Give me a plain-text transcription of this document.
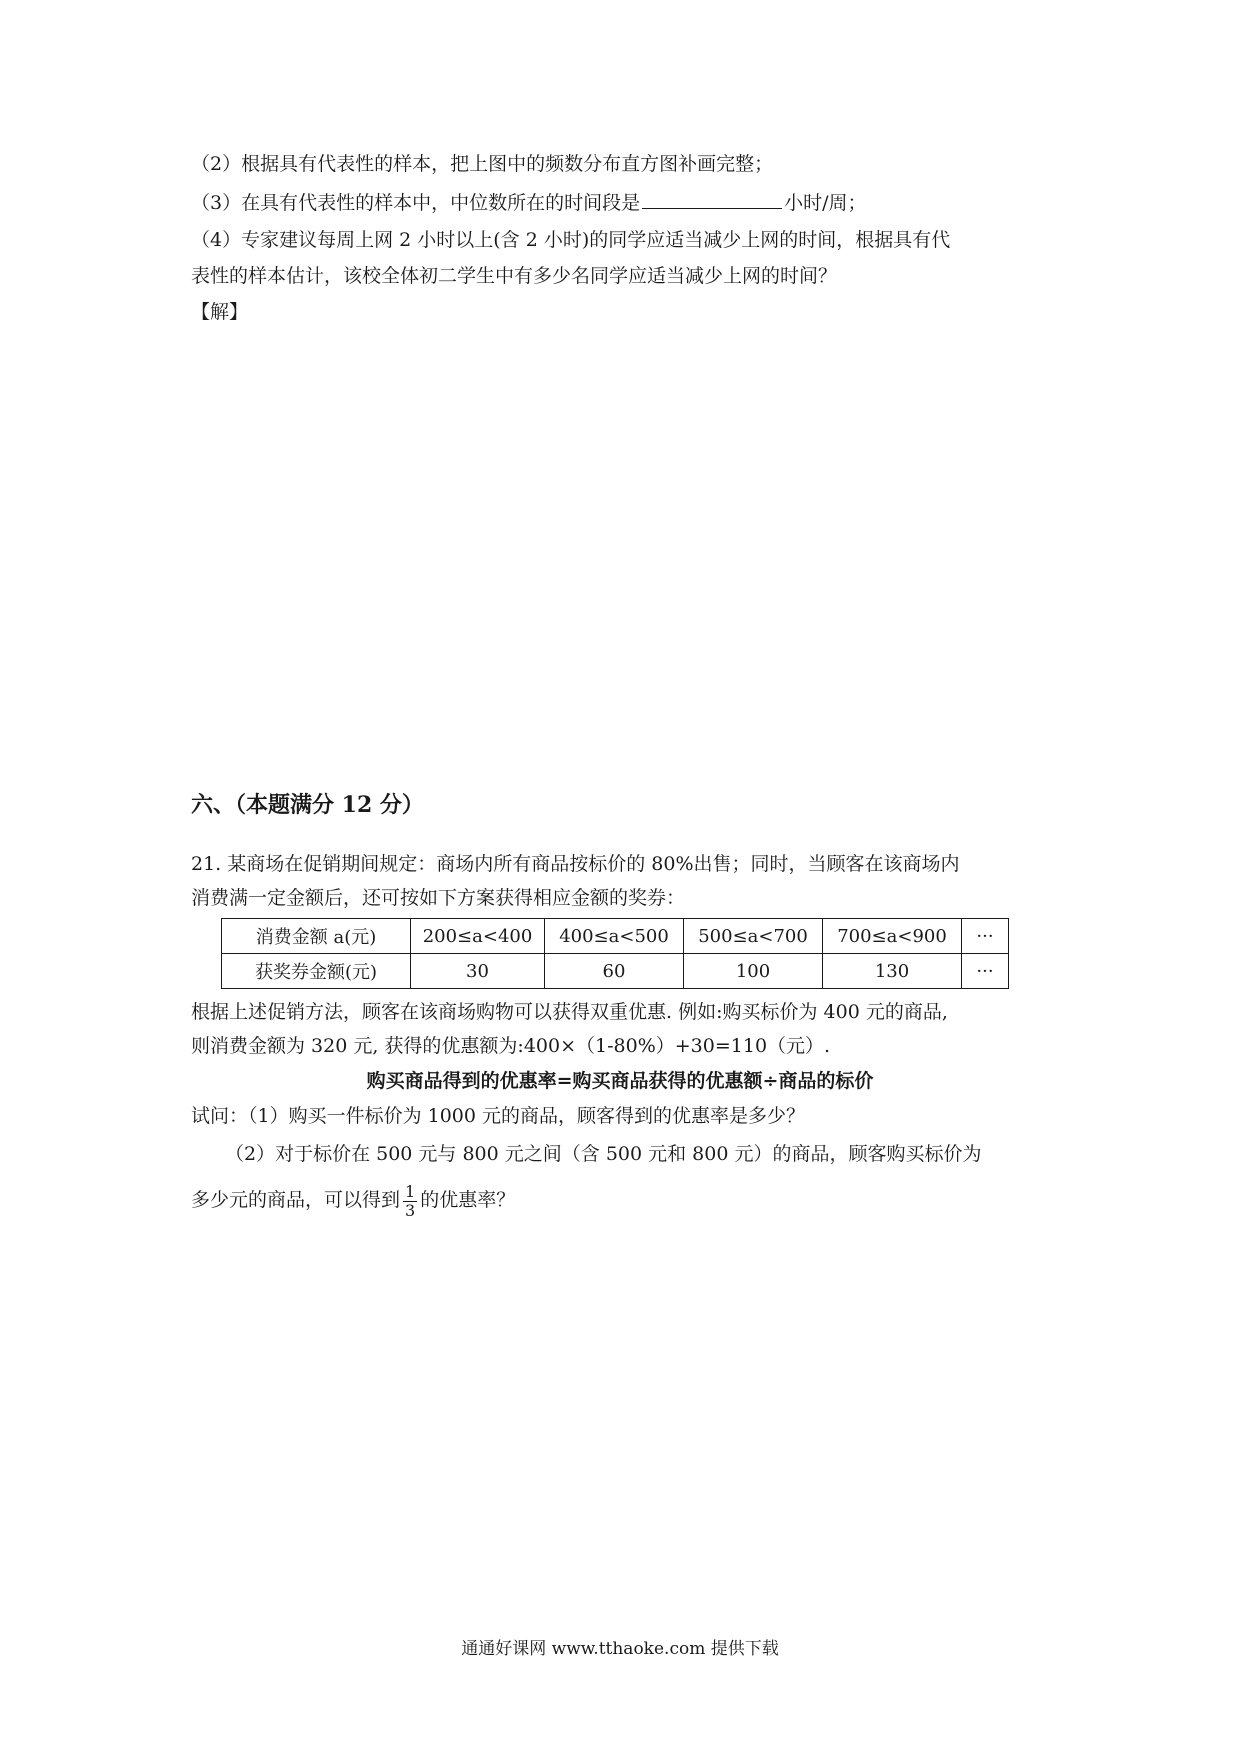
（2）根据具有代表性的样本，把上图中的频数分布直方图补画完整；
（3）在具有代表性的样本中，中位数所在的时间段是	小时/周；
（4）专家建议每周上网 2 小时以上(含 2 小时)的同学应适当减少上网的时间，根据具有代
表性的样本估计，该校全体初二学生中有多少名同学应适当减少上网的时间？
【解】
六、（本题满分 12 分）
21. 某商场在促销期间规定：商场内所有商品按标价的 80%出售；同时，当顾客在该商场内
消费满一定金额后，还可按如下方案获得相应金额的奖券：
消费金额 a(元)	200≤a<400	400≤a<500	500≤a<700	700≤a<900	···
获奖券金额(元)	30	60	100	130	···
根据上述促销方法，顾客在该商场购物可以获得双重优惠. 例如:购买标价为 400 元的商品,
则消费金额为 320 元, 获得的优惠额为:400×（1-80%）+30=110（元）.
购买商品得到的优惠率=购买商品获得的优惠额÷商品的标价
试问：（1）购买一件标价为 1000 元的商品，顾客得到的优惠率是多少？
（2）对于标价在 500 元与 800 元之间（含 500 元和 800 元）的商品，顾客购买标价为
多少元的商品，可以得到 $\frac{1}{3}$ 的优惠率？
通通好课网 www.tthaoke.com 提供下载
